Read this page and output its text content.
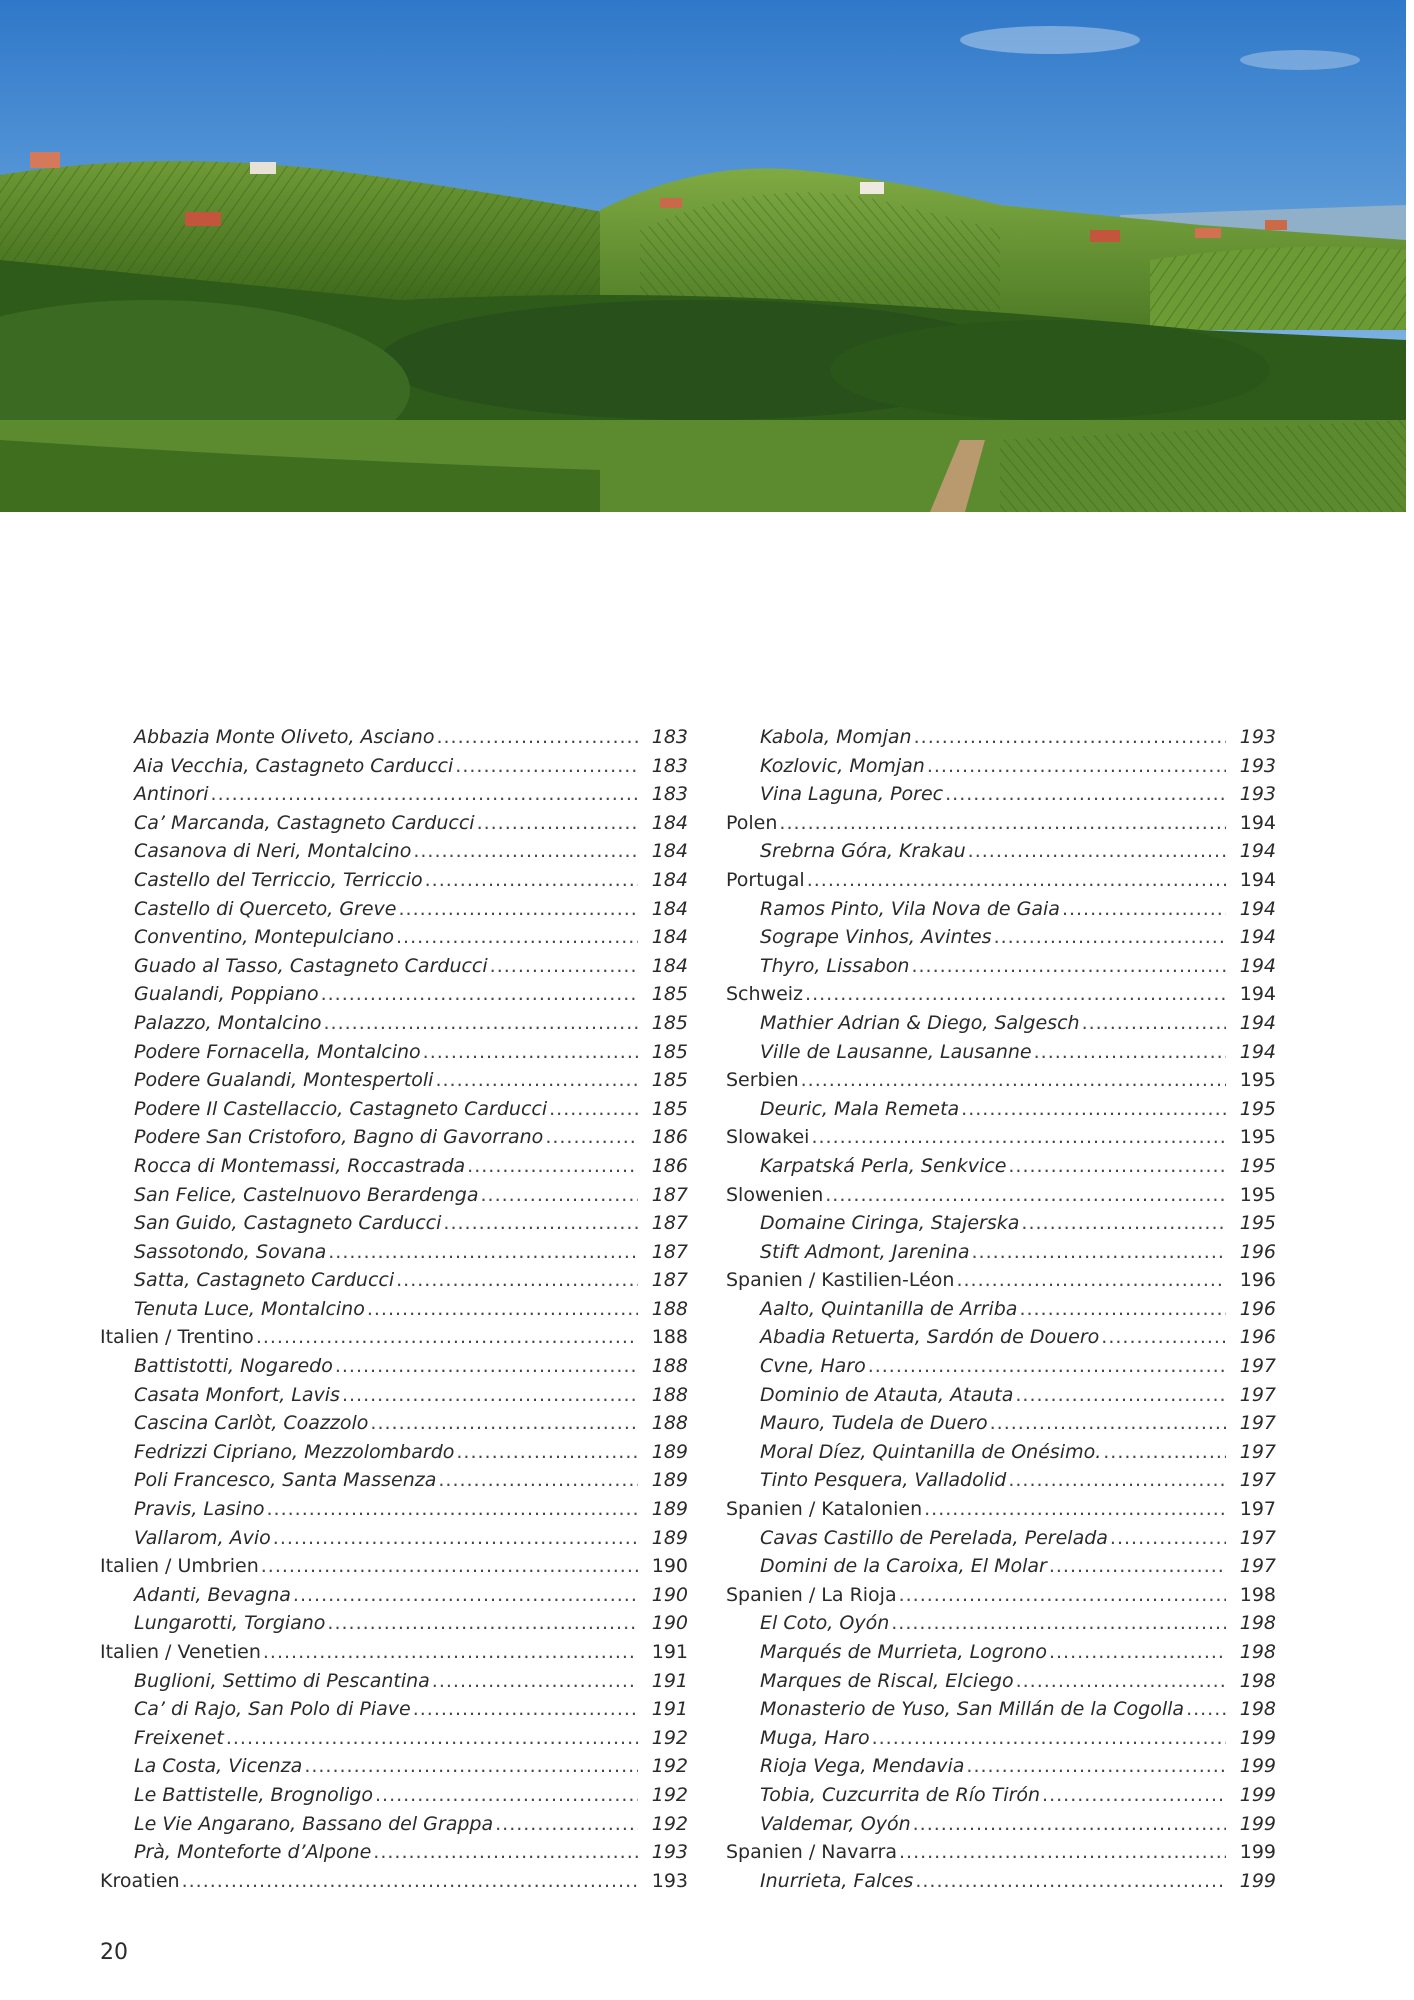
Abbazia Monte Oliveto, Asciano .....	183
Aia Vecchia, Castagneto Carducci .....	183
Antinori .....	183
Ca’ Marcanda, Castagneto Carducci .....	184
Casanova di Neri, Montalcino .....	184
Castello del Terriccio, Terriccio .....	184
Castello di Querceto, Greve .....	184
Conventino, Montepulciano .....	184
Guado al Tasso, Castagneto Carducci .....	184
Gualandi, Poppiano .....	185
Palazzo, Montalcino .....	185
Podere Fornacella, Montalcino .....	185
Podere Gualandi, Montespertoli .....	185
Podere Il Castellaccio, Castagneto Carducci .....	185
Podere San Cristoforo, Bagno di Gavorrano .....	186
Rocca di Montemassi, Roccastrada .....	186
San Felice, Castelnuovo Berardenga .....	187
San Guido, Castagneto Carducci .....	187
Sassotondo, Sovana .....	187
Satta, Castagneto Carducci .....	187
Tenuta Luce, Montalcino .....	188
Italien / Trentino .....	188
Battistotti, Nogaredo .....	188
Casata Monfort, Lavis .....	188
Cascina Carlòt, Coazzolo .....	188
Fedrizzi Cipriano, Mezzolombardo .....	189
Poli Francesco, Santa Massenza .....	189
Pravis, Lasino .....	189
Vallarom, Avio .....	189
Italien / Umbrien .....	190
Adanti, Bevagna .....	190
Lungarotti, Torgiano .....	190
Italien / Venetien .....	191
Buglioni, Settimo di Pescantina .....	191
Ca’ di Rajo, San Polo di Piave .....	191
Freixenet .....	192
La Costa, Vicenza .....	192
Le Battistelle, Brognoligo .....	192
Le Vie Angarano, Bassano del Grappa .....	192
Prà, Monteforte d’Alpone .....	193
Kroatien .....	193
Kabola, Momjan .....	193
Kozlovic, Momjan .....	193
Vina Laguna, Porec .....	193
Polen .....	194
Srebrna Góra, Krakau .....	194
Portugal .....	194
Ramos Pinto, Vila Nova de Gaia .....	194
Sogrape Vinhos, Avintes .....	194
Thyro, Lissabon .....	194
Schweiz .....	194
Mathier Adrian & Diego, Salgesch .....	194
Ville de Lausanne, Lausanne .....	194
Serbien .....	195
Deuric, Mala Remeta .....	195
Slowakei .....	195
Karpatská Perla, Senkvice .....	195
Slowenien .....	195
Domaine Ciringa, Stajerska .....	195
Stift Admont, Jarenina .....	196
Spanien / Kastilien-Léon .....	196
Aalto, Quintanilla de Arriba .....	196
Abadia Retuerta, Sardón de Douero .....	196
Cvne, Haro .....	197
Dominio de Atauta, Atauta .....	197
Mauro, Tudela de Duero .....	197
Moral Díez, Quintanilla de Onésimo. .....	197
Tinto Pesquera, Valladolid .....	197
Spanien / Katalonien .....	197
Cavas Castillo de Perelada, Perelada .....	197
Domini de la Caroixa, El Molar .....	197
Spanien / La Rioja .....	198
El Coto, Oyón .....	198
Marqués de Murrieta, Logrono .....	198
Marques de Riscal, Elciego .....	198
Monasterio de Yuso, San Millán de la Cogolla .....	198
Muga, Haro .....	199
Rioja Vega, Mendavia .....	199
Tobia, Cuzcurrita de Río Tirón .....	199
Valdemar, Oyón .....	199
Spanien / Navarra .....	199
Inurrieta, Falces .....	199
20
